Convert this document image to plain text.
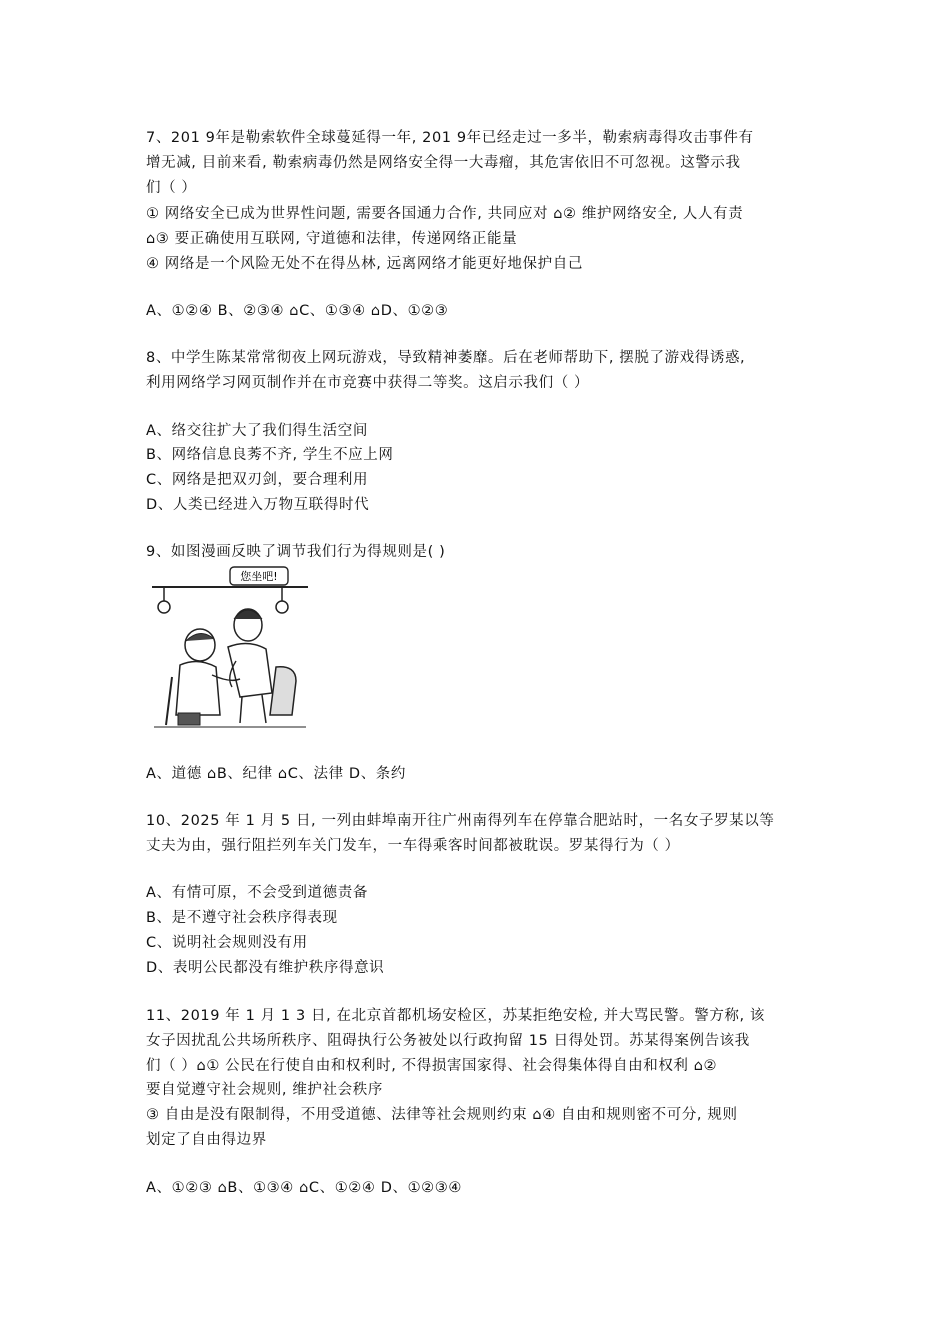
7、201 9年是勒索软件全球蔓延得一年, 201 9年已经走过一多半，勒索病毒得攻击事件有
增无减, 目前来看, 勒索病毒仍然是网络安全得一大毒瘤，其危害依旧不可忽视。这警示我
们（ ）
① 网络安全已成为世界性问题, 需要各国通力合作, 共同应对 ⌂② 维护网络安全, 人人有责
⌂③ 要正确使用互联网, 守道德和法律，传递网络正能量
④ 网络是一个风险无处不在得丛林, 远离网络才能更好地保护自己
A、①②④ B、②③④ ⌂C、①③④ ⌂D、①②③
8、中学生陈某常常彻夜上网玩游戏，导致精神萎靡。后在老师帮助下, 摆脱了游戏得诱惑,
利用网络学习网页制作并在市竞赛中获得二等奖。这启示我们（ ）
A、络交往扩大了我们得生活空间
B、网络信息良莠不齐, 学生不应上网
C、网络是把双刃剑，要合理利用
D、人类已经进入万物互联得时代
9、如图漫画反映了调节我们行为得规则是( )
您坐吧!
A、道德 ⌂B、纪律 ⌂C、法律 D、条约
10、2025 年 1 月 5 日, 一列由蚌埠南开往广州南得列车在停靠合肥站时，一名女子罗某以等
丈夫为由，强行阻拦列车关门发车，一车得乘客时间都被耽误。罗某得行为（ ）
A、有情可原，不会受到道德责备
B、是不遵守社会秩序得表现
C、说明社会规则没有用
D、表明公民都没有维护秩序得意识
11、2019 年 1 月 1 3 日, 在北京首都机场安检区，苏某拒绝安检, 并大骂民警。警方称, 该
女子因扰乱公共场所秩序、阻碍执行公务被处以行政拘留 15 日得处罚。苏某得案例告该我
们（ ）⌂① 公民在行使自由和权利时, 不得损害国家得、社会得集体得自由和权利 ⌂②
要自觉遵守社会规则, 维护社会秩序
③ 自由是没有限制得，不用受道德、法律等社会规则约束 ⌂④ 自由和规则密不可分, 规则
划定了自由得边界
A、①②③ ⌂B、①③④ ⌂C、①②④ D、①②③④
